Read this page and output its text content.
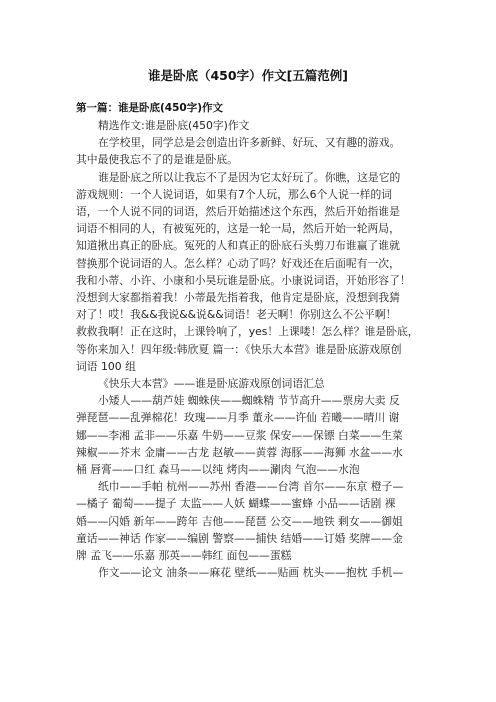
谁是卧底（450字）作文[五篇范例]
第一篇：谁是卧底(450字)作文
精选作文:谁是卧底(450字)作文
在学校里，同学总是会创造出许多新鲜、好玩、又有趣的游戏。
其中最使我忘不了的是谁是卧底。
谁是卧底之所以让我忘不了是因为它太好玩了。你瞧，这是它的
游戏规则：一个人说词语，如果有7个人玩，那么6个人说一样的词
语，一个人说不同的词语，然后开始描述这个东西，然后开始指谁是
词语不相同的人，有被冤死的，这是一轮一局，然后开始一轮两局，
知道揪出真正的卧底。冤死的人和真正的卧底石头剪刀布谁赢了谁就
替换那个说词语的人。怎么样？心动了吗？好戏还在后面呢有一次，
我和小蒂、小许、小康和小昊玩谁是卧底。小康说词语，开始形容了！
没想到大家都指着我！小蒂最先指着我，他肯定是卧底，没想到我猜
对了！哎！我&&我说&&说&&词语！老天啊！你别这么不公平啊！
救救我啊！正在这时，上课铃响了，yes！上课喽！怎么样？谁是卧底，
等你来加入！四年级:韩欣夏 篇一：《快乐大本营》谁是卧底游戏原创
词语 100 组
《快乐大本营》——谁是卧底游戏原创词语汇总
小矮人——葫芦娃 蜘蛛侠——蜘蛛精 节节高升——票房大卖 反
弹琵琶——乱弹棉花！玫瑰——月季 董永——许仙 若曦——晴川 谢
娜——李湘 孟非——乐嘉 牛奶——豆浆 保安——保镖 白菜——生菜
辣椒——芥末 金庸——古龙 赵敏——黄蓉 海豚——海狮 水盆——水
桶 唇膏——口红 森马——以纯 烤肉——涮肉 气泡——水泡
纸巾——手帕 杭州——苏州 香港——台湾 首尔——东京 橙子—
—橘子 葡萄——提子 太监——人妖 蝴蝶——蜜蜂 小品——话剧 裸
婚——闪婚 新年——跨年 吉他——琵琶 公交——地铁 剩女——御姐
童话——神话 作家——编剧 警察——捕快 结婚——订婚 奖牌——金
牌 孟飞——乐嘉 那英——韩红 面包——蛋糕
作文——论文 油条——麻花 壁纸——贴画 枕头——抱枕 手机—
